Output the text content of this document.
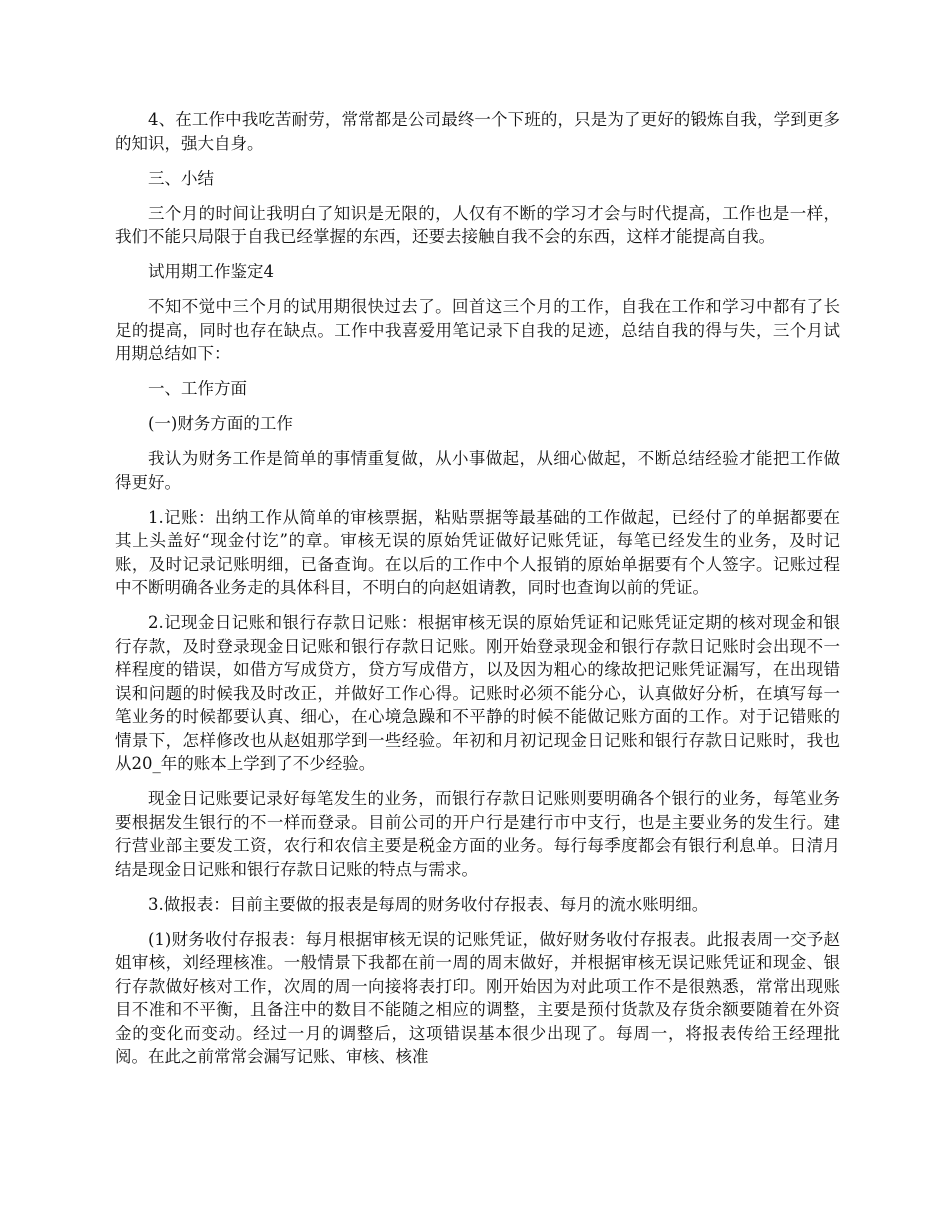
4、在工作中我吃苦耐劳，常常都是公司最终一个下班的，只是为了更好的锻炼自我，学到更多的知识，强大自身。

三、小结

三个月的时间让我明白了知识是无限的，人仅有不断的学习才会与时代提高，工作也是一样，我们不能只局限于自我已经掌握的东西，还要去接触自我不会的东西，这样才能提高自我。

试用期工作鉴定4

不知不觉中三个月的试用期很快过去了。回首这三个月的工作，自我在工作和学习中都有了长足的提高，同时也存在缺点。工作中我喜爱用笔记录下自我的足迹，总结自我的得与失，三个月试用期总结如下：

一、工作方面

(一)财务方面的工作

我认为财务工作是简单的事情重复做，从小事做起，从细心做起，不断总结经验才能把工作做得更好。

1.记账：出纳工作从简单的审核票据，粘贴票据等最基础的工作做起，已经付了的单据都要在其上头盖好“现金付讫”的章。审核无误的原始凭证做好记账凭证，每笔已经发生的业务，及时记账，及时记录记账明细，已备查询。在以后的工作中个人报销的原始单据要有个人签字。记账过程中不断明确各业务走的具体科目，不明白的向赵姐请教，同时也查询以前的凭证。

2.记现金日记账和银行存款日记账：根据审核无误的原始凭证和记账凭证定期的核对现金和银行存款，及时登录现金日记账和银行存款日记账。刚开始登录现金和银行存款日记账时会出现不一样程度的错误，如借方写成贷方，贷方写成借方，以及因为粗心的缘故把记账凭证漏写，在出现错误和问题的时候我及时改正，并做好工作心得。记账时必须不能分心，认真做好分析，在填写每一笔业务的时候都要认真、细心，在心境急躁和不平静的时候不能做记账方面的工作。对于记错账的情景下，怎样修改也从赵姐那学到一些经验。年初和月初记现金日记账和银行存款日记账时，我也从20_年的账本上学到了不少经验。

现金日记账要记录好每笔发生的业务，而银行存款日记账则要明确各个银行的业务，每笔业务要根据发生银行的不一样而登录。目前公司的开户行是建行市中支行，也是主要业务的发生行。建行营业部主要发工资，农行和农信主要是税金方面的业务。每行每季度都会有银行利息单。日清月结是现金日记账和银行存款日记账的特点与需求。

3.做报表：目前主要做的报表是每周的财务收付存报表、每月的流水账明细。

(1)财务收付存报表：每月根据审核无误的记账凭证，做好财务收付存报表。此报表周一交予赵姐审核，刘经理核准。一般情景下我都在前一周的周末做好，并根据审核无误记账凭证和现金、银行存款做好核对工作，次周的周一向接将表打印。刚开始因为对此项工作不是很熟悉，常常出现账目不准和不平衡，且备注中的数目不能随之相应的调整，主要是预付货款及存货余额要随着在外资金的变化而变动。经过一月的调整后，这项错误基本很少出现了。每周一，将报表传给王经理批阅。在此之前常常会漏写记账、审核、核准
